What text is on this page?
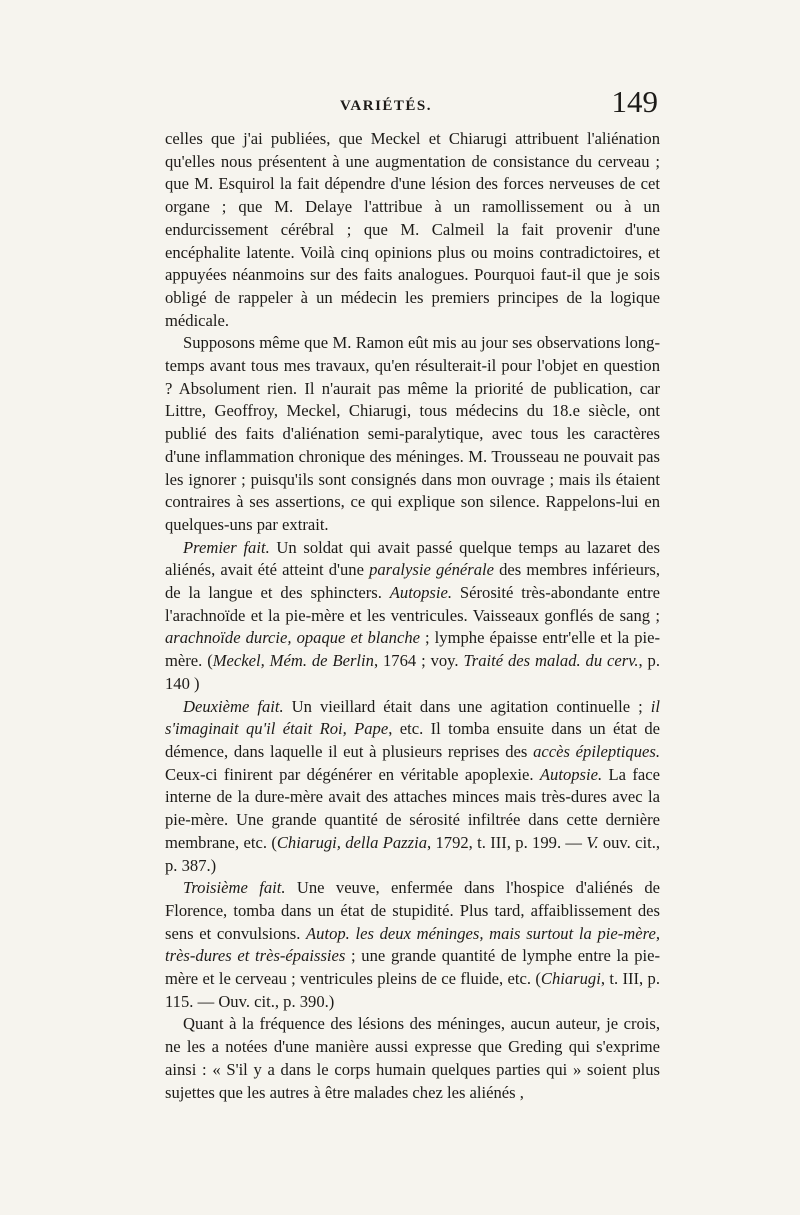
VARIÉTÉS.	149

celles que j'ai publiées, que Meckel et Chiarugi attribuent l'aliénation qu'elles nous présentent à une augmentation de consistance du cerveau ; que M. Esquirol la fait dépendre d'une lésion des forces nerveuses de cet organe ; que M. Delaye l'attribue à un ramollissement ou à un endurcissement cérébral ; que M. Calmeil la fait provenir d'une encéphalite latente. Voilà cinq opinions plus ou moins contradictoires, et appuyées néanmoins sur des faits analogues. Pourquoi faut-il que je sois obligé de rappeler à un médecin les premiers principes de la logique médicale.

Supposons même que M. Ramon eût mis au jour ses observations long-temps avant tous mes travaux, qu'en résulterait-il pour l'objet en question ? Absolument rien. Il n'aurait pas même la priorité de publication, car Littre, Geoffroy, Meckel, Chiarugi, tous médecins du 18.e siècle, ont publié des faits d'aliénation semi-paralytique, avec tous les caractères d'une inflammation chronique des méninges. M. Trousseau ne pouvait pas les ignorer ; puisqu'ils sont consignés dans mon ouvrage ; mais ils étaient contraires à ses assertions, ce qui explique son silence. Rappelons-lui en quelques-uns par extrait.

Premier fait. Un soldat qui avait passé quelque temps au lazaret des aliénés, avait été atteint d'une paralysie générale des membres inférieurs, de la langue et des sphincters. Autopsie. Sérosité très-abondante entre l'arachnoïde et la pie-mère et les ventricules. Vaisseaux gonflés de sang ; arachnoïde durcie, opaque et blanche ; lymphe épaisse entr'elle et la pie-mère. (Meckel, Mém. de Berlin, 1764 ; voy. Traité des malad. du cerv., p. 140 )

Deuxième fait. Un vieillard était dans une agitation continuelle ; il s'imaginait qu'il était Roi, Pape, etc. Il tomba ensuite dans un état de démence, dans laquelle il eut à plusieurs reprises des accès épileptiques. Ceux-ci finirent par dégénérer en véritable apoplexie. Autopsie. La face interne de la dure-mère avait des attaches minces mais très-dures avec la pie-mère. Une grande quantité de sérosité infiltrée dans cette dernière membrane, etc. (Chiarugi, della Pazzia, 1792, t. III, p. 199. — V. ouv. cit., p. 387.)

Troisième fait. Une veuve, enfermée dans l'hospice d'aliénés de Florence, tomba dans un état de stupidité. Plus tard, affaiblissement des sens et convulsions. Autop. les deux méninges, mais surtout la pie-mère, très-dures et très-épaissies ; une grande quantité de lymphe entre la pie-mère et le cerveau ; ventricules pleins de ce fluide, etc. (Chiarugi, t. III, p. 115. — Ouv. cit., p. 390.)

Quant à la fréquence des lésions des méninges, aucun auteur, je crois, ne les a notées d'une manière aussi expresse que Greding qui s'exprime ainsi : « S'il y a dans le corps humain quelques parties qui » soient plus sujettes que les autres à être malades chez les aliénés ,
